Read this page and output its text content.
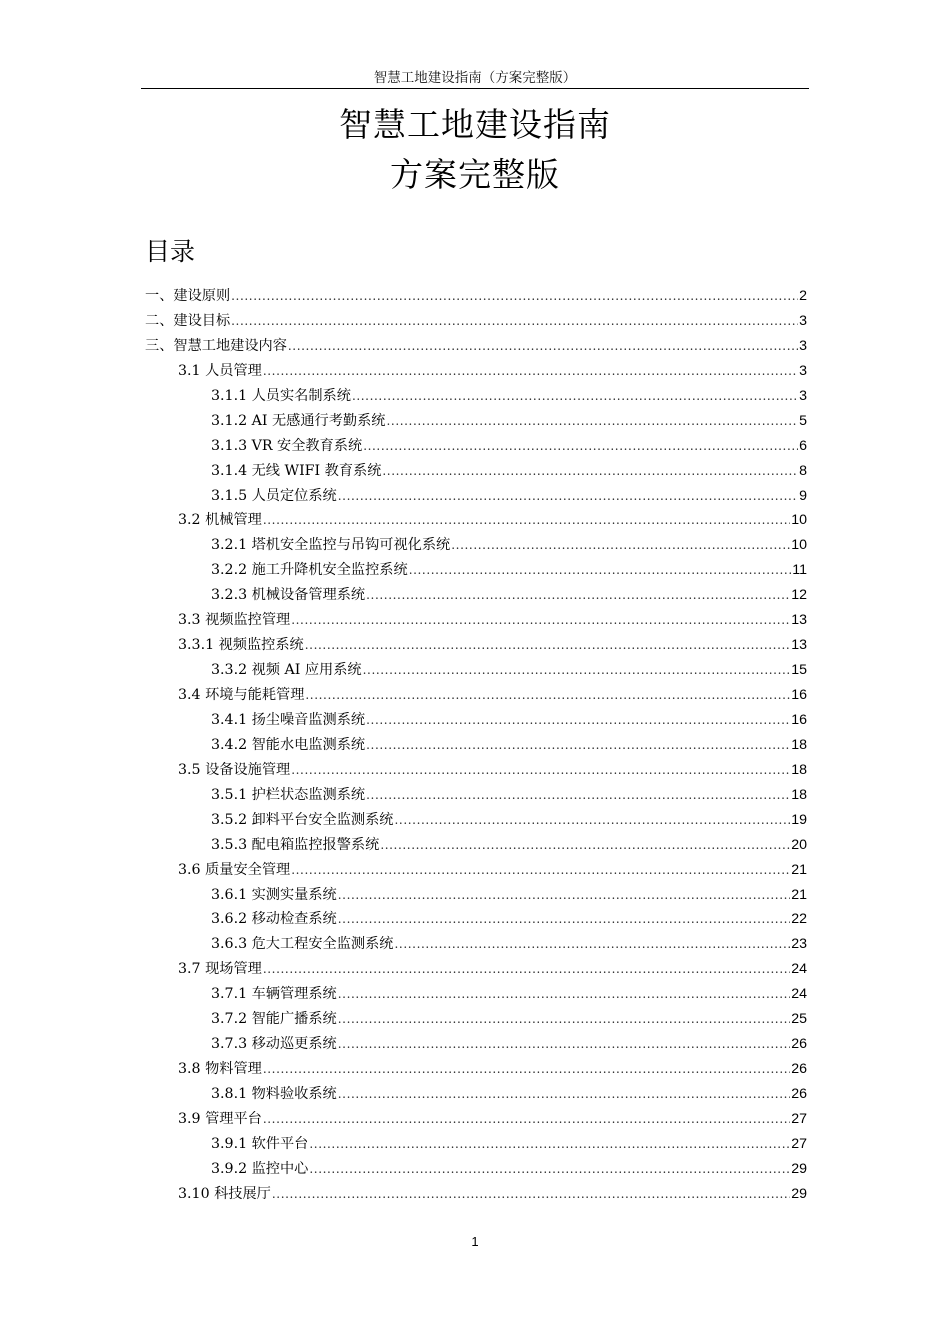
智慧工地建设指南（方案完整版）
智慧工地建设指南
方案完整版
目录
一、建设原则 .....	2
二、建设目标 .....	3
三、智慧工地建设内容 .....	3
3.1 人员管理 .....	3
3.1.1 人员实名制系统 .....	3
3.1.2 AI 无感通行考勤系统 .....	5
3.1.3 VR 安全教育系统 .....	6
3.1.4 无线 WIFI 教育系统 .....	8
3.1.5 人员定位系统 .....	9
3.2 机械管理 .....	10
3.2.1 塔机安全监控与吊钩可视化系统 .....	10
3.2.2 施工升降机安全监控系统 .....	11
3.2.3 机械设备管理系统 .....	12
3.3 视频监控管理 .....	13
3.3.1 视频监控系统 .....	13
3.3.2 视频 AI 应用系统 .....	15
3.4 环境与能耗管理 .....	16
3.4.1 扬尘噪音监测系统 .....	16
3.4.2 智能水电监测系统 .....	18
3.5 设备设施管理 .....	18
3.5.1 护栏状态监测系统 .....	18
3.5.2 卸料平台安全监测系统 .....	19
3.5.3 配电箱监控报警系统 .....	20
3.6 质量安全管理 .....	21
3.6.1 实测实量系统 .....	21
3.6.2 移动检查系统 .....	22
3.6.3 危大工程安全监测系统 .....	23
3.7 现场管理 .....	24
3.7.1 车辆管理系统 .....	24
3.7.2 智能广播系统 .....	25
3.7.3 移动巡更系统 .....	26
3.8 物料管理 .....	26
3.8.1 物料验收系统 .....	26
3.9 管理平台 .....	27
3.9.1 软件平台 .....	27
3.9.2 监控中心 .....	29
3.10 科技展厅 .....	29
1
